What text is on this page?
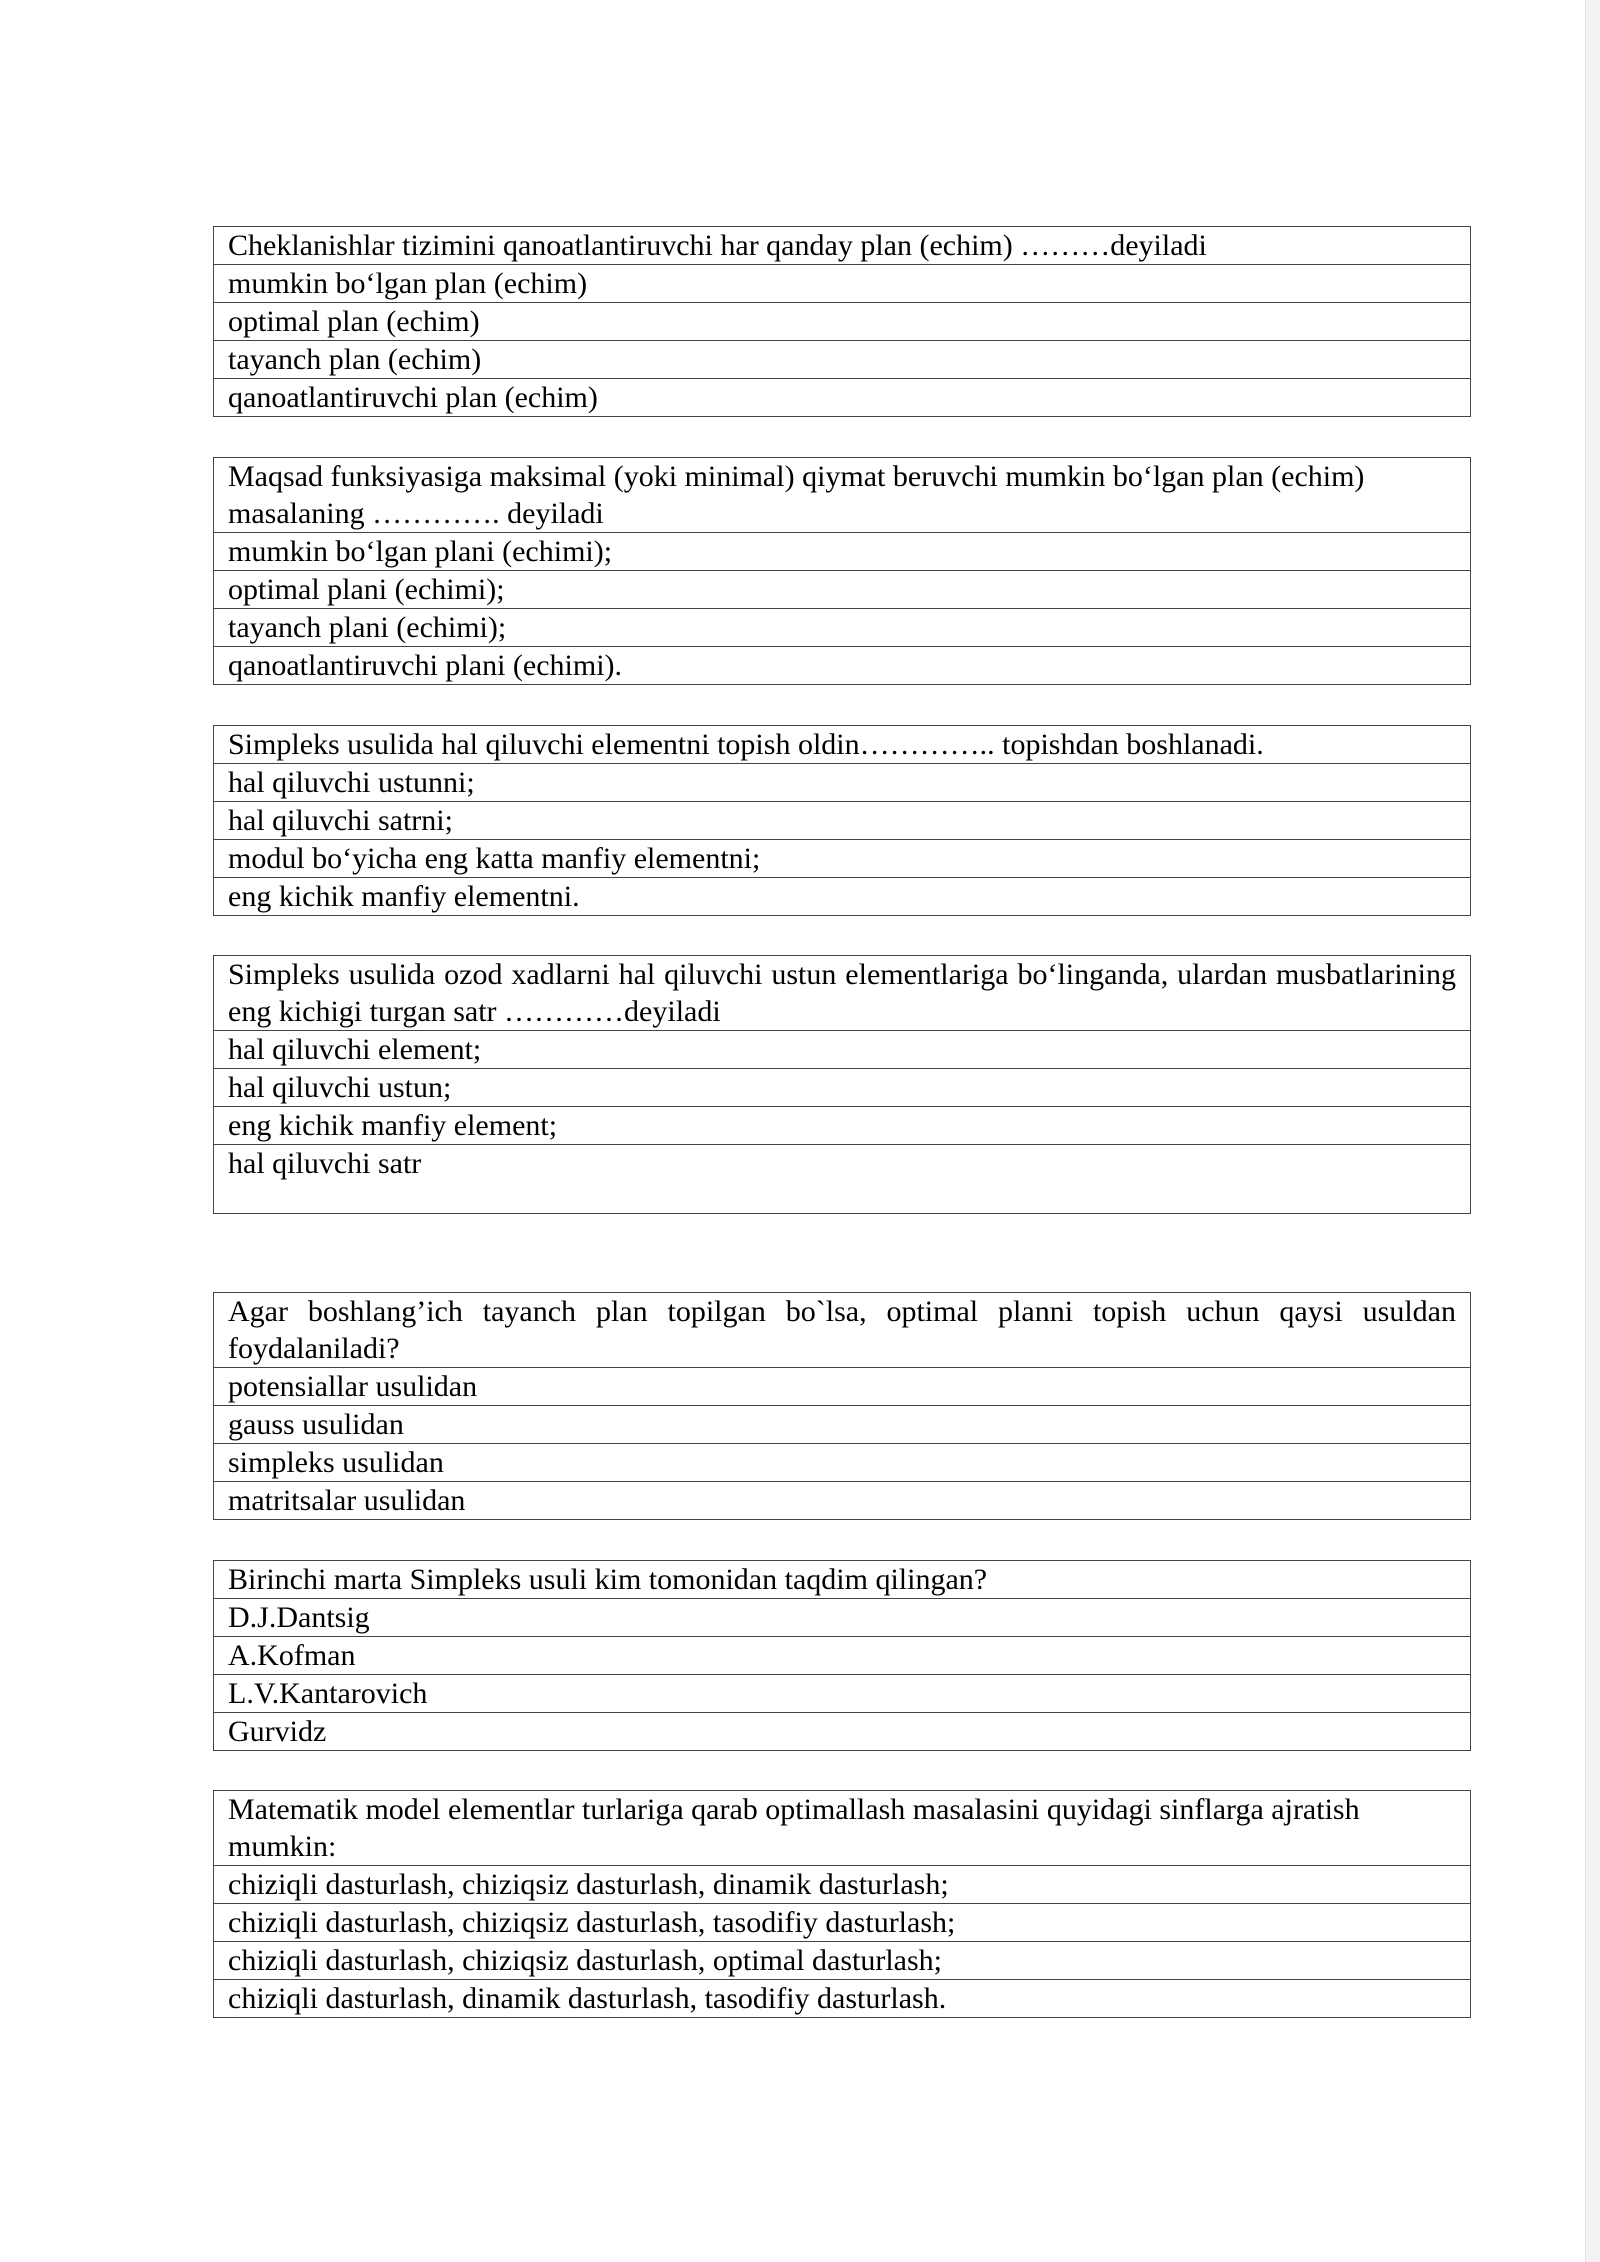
Cheklanishlar tizimini qanoatlantiruvchi har qanday plan (echim) ………deyiladi
mumkin bo‘lgan plan (echim)
optimal plan (echim)
tayanch plan (echim)
qanoatlantiruvchi plan (echim)
Maqsad funksiyasiga maksimal (yoki minimal) qiymat beruvchi mumkin bo‘lgan plan (echim) masalaning …………. deyiladi
mumkin bo‘lgan plani (echimi);
optimal plani (echimi);
tayanch plani (echimi);
qanoatlantiruvchi plani (echimi).
Simpleks usulida hal qiluvchi elementni topish oldin………….. topishdan boshlanadi.
hal qiluvchi ustunni;
hal qiluvchi satrni;
modul bo‘yicha eng katta manfiy elementni;
eng kichik manfiy elementni.
Simpleks usulida ozod xadlarni hal qiluvchi ustun elementlariga bo‘linganda, ulardan musbatlarining eng kichigi turgan satr …………deyiladi
hal qiluvchi element;
hal qiluvchi ustun;
eng kichik manfiy element;
hal qiluvchi satr
Agar boshlang’ich tayanch plan topilgan bo`lsa, optimal planni topish uchun qaysi usuldan foydalaniladi?
potensiallar usulidan
gauss usulidan
simpleks usulidan
matritsalar usulidan
Birinchi marta Simpleks usuli kim tomonidan taqdim qilingan?
D.J.Dantsig
A.Kofman
L.V.Kantarovich
Gurvidz
Matematik model elementlar turlariga qarab optimallash masalasini quyidagi sinflarga ajratish mumkin:
chiziqli dasturlash, chiziqsiz dasturlash, dinamik dasturlash;
chiziqli dasturlash, chiziqsiz dasturlash, tasodifiy dasturlash;
chiziqli dasturlash, chiziqsiz dasturlash, optimal dasturlash;
chiziqli dasturlash, dinamik dasturlash, tasodifiy dasturlash.
